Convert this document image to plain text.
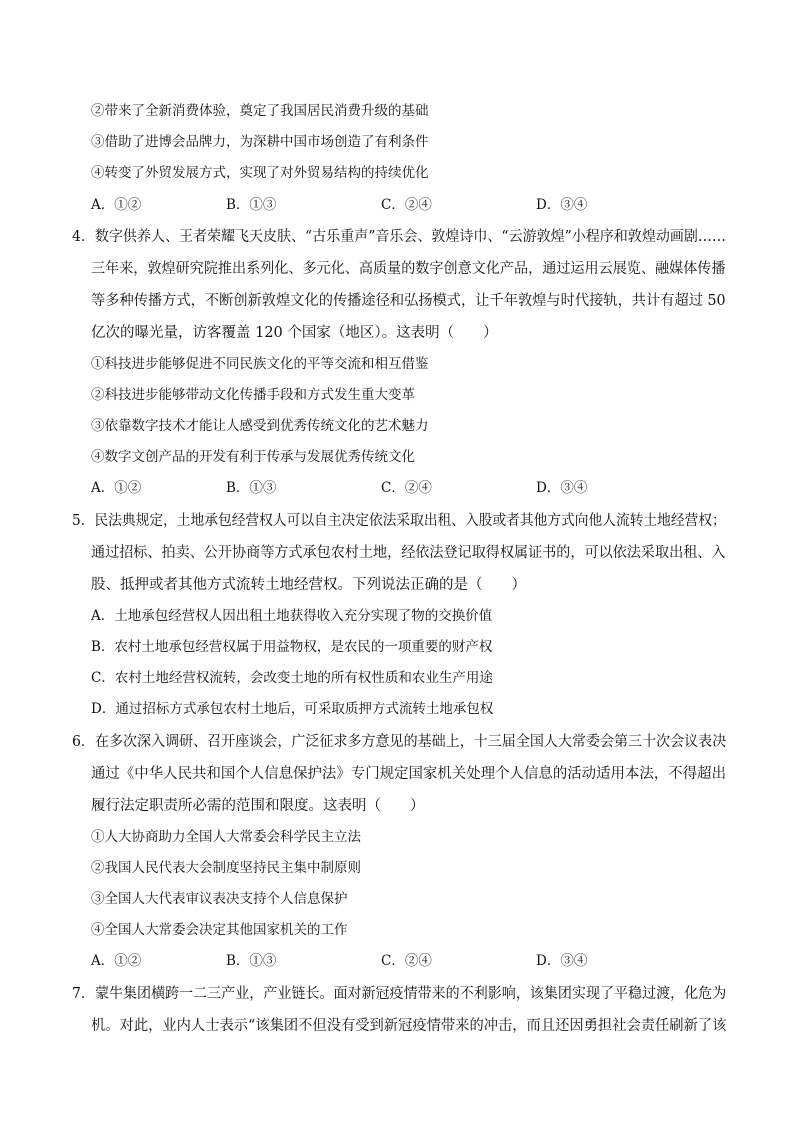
②带来了全新消费体验，奠定了我国居民消费升级的基础
③借助了进博会品牌力，为深耕中国市场创造了有利条件
④转变了外贸发展方式，实现了对外贸易结构的持续优化
A．①②	B．①③	C．②④	D．③④
4．数字供养人、王者荣耀飞天皮肤、“古乐重声”音乐会、敦煌诗巾、“云游敦煌”小程序和敦煌动画剧……
三年来，敦煌研究院推出系列化、多元化、高质量的数字创意文化产品，通过运用云展览、融媒体传播
等多种传播方式，不断创新敦煌文化的传播途径和弘扬模式，让千年敦煌与时代接轨，共计有超过 50
亿次的曝光量，访客覆盖 120 个国家（地区）。这表明（　　）
①科技进步能够促进不同民族文化的平等交流和相互借鉴
②科技进步能够带动文化传播手段和方式发生重大变革
③依靠数字技术才能让人感受到优秀传统文化的艺术魅力
④数字文创产品的开发有利于传承与发展优秀传统文化
A．①②	B．①③	C．②④	D．③④
5．民法典规定，土地承包经营权人可以自主决定依法采取出租、入股或者其他方式向他人流转土地经营权；
通过招标、拍卖、公开协商等方式承包农村土地，经依法登记取得权属证书的，可以依法采取出租、入
股、抵押或者其他方式流转土地经营权。下列说法正确的是（　　）
A．土地承包经营权人因出租土地获得收入充分实现了物的交换价值
B．农村土地承包经营权属于用益物权，是农民的一项重要的财产权
C．农村土地经营权流转，会改变土地的所有权性质和农业生产用途
D．通过招标方式承包农村土地后，可采取质押方式流转土地承包权
6．在多次深入调研、召开座谈会，广泛征求多方意见的基础上，十三届全国人大常委会第三十次会议表决
通过《中华人民共和国个人信息保护法》专门规定国家机关处理个人信息的活动适用本法，不得超出
履行法定职责所必需的范围和限度。这表明（　　）
①人大协商助力全国人大常委会科学民主立法
②我国人民代表大会制度坚持民主集中制原则
③全国人大代表审议表决支持个人信息保护
④全国人大常委会决定其他国家机关的工作
A．①②	B．①③	C．②④	D．③④
7．蒙牛集团横跨一二三产业，产业链长。面对新冠疫情带来的不利影响，该集团实现了平稳过渡，化危为
机。对此，业内人士表示“该集团不但没有受到新冠疫情带来的冲击，而且还因勇担社会责任刷新了该
